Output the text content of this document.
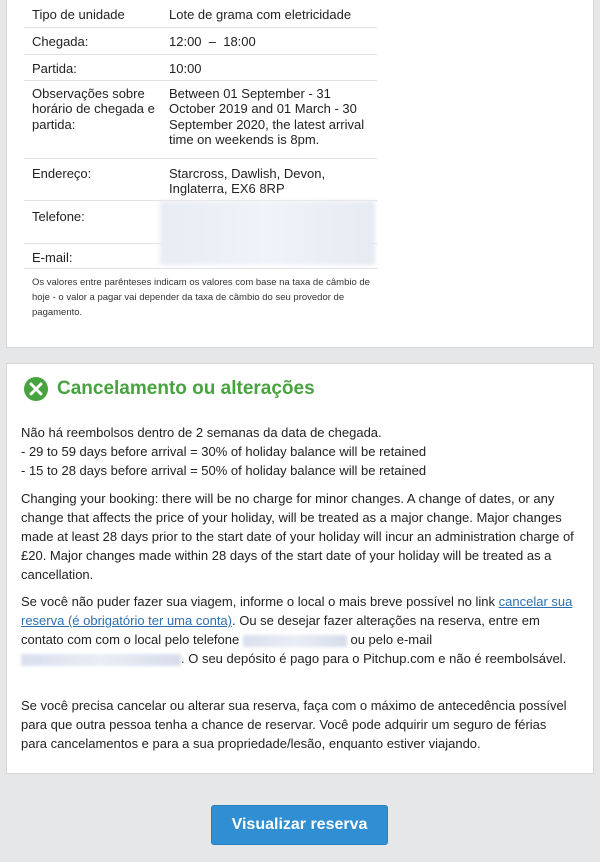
Tipo de unidade	Lote de grama com eletricidade
Chegada:	12:00  –  18:00
Partida:	10:00
Observações sobre horário de chegada e partida:	Between 01 September - 31 October 2019 and 01 March - 30 September 2020, the latest arrival time on weekends is 8pm.
Endereço:	Starcross, Dawlish, Devon, Inglaterra, EX6 8RP
Telefone:	
E-mail:	
Os valores entre parênteses indicam os valores com base na taxa de câmbio de hoje - o valor a pagar vai depender da taxa de câmbio do seu provedor de pagamento.
Cancelamento ou alterações
Não há reembolsos dentro de 2 semanas da data de chegada.
- 29 to 59 days before arrival = 30% of holiday balance will be retained
- 15 to 28 days before arrival = 50% of holiday balance will be retained
Changing your booking: there will be no charge for minor changes. A change of dates, or any change that affects the price of your holiday, will be treated as a major change. Major changes made at least 28 days prior to the start date of your holiday will incur an administration charge of £20. Major changes made within 28 days of the start date of your holiday will be treated as a cancellation.
Se você não puder fazer sua viagem, informe o local o mais breve possível no link cancelar sua reserva (é obrigatório ter uma conta). Ou se desejar fazer alterações na reserva, entre em contato com com o local pelo telefone	ou pelo e-mail . O seu depósito é pago para o Pitchup.com e não é reembolsável.
Se você precisa cancelar ou alterar sua reserva, faça com o máximo de antecedência possível para que outra pessoa tenha a chance de reservar. Você pode adquirir um seguro de férias para cancelamentos e para a sua propriedade/lesão, enquanto estiver viajando.
Visualizar reserva
